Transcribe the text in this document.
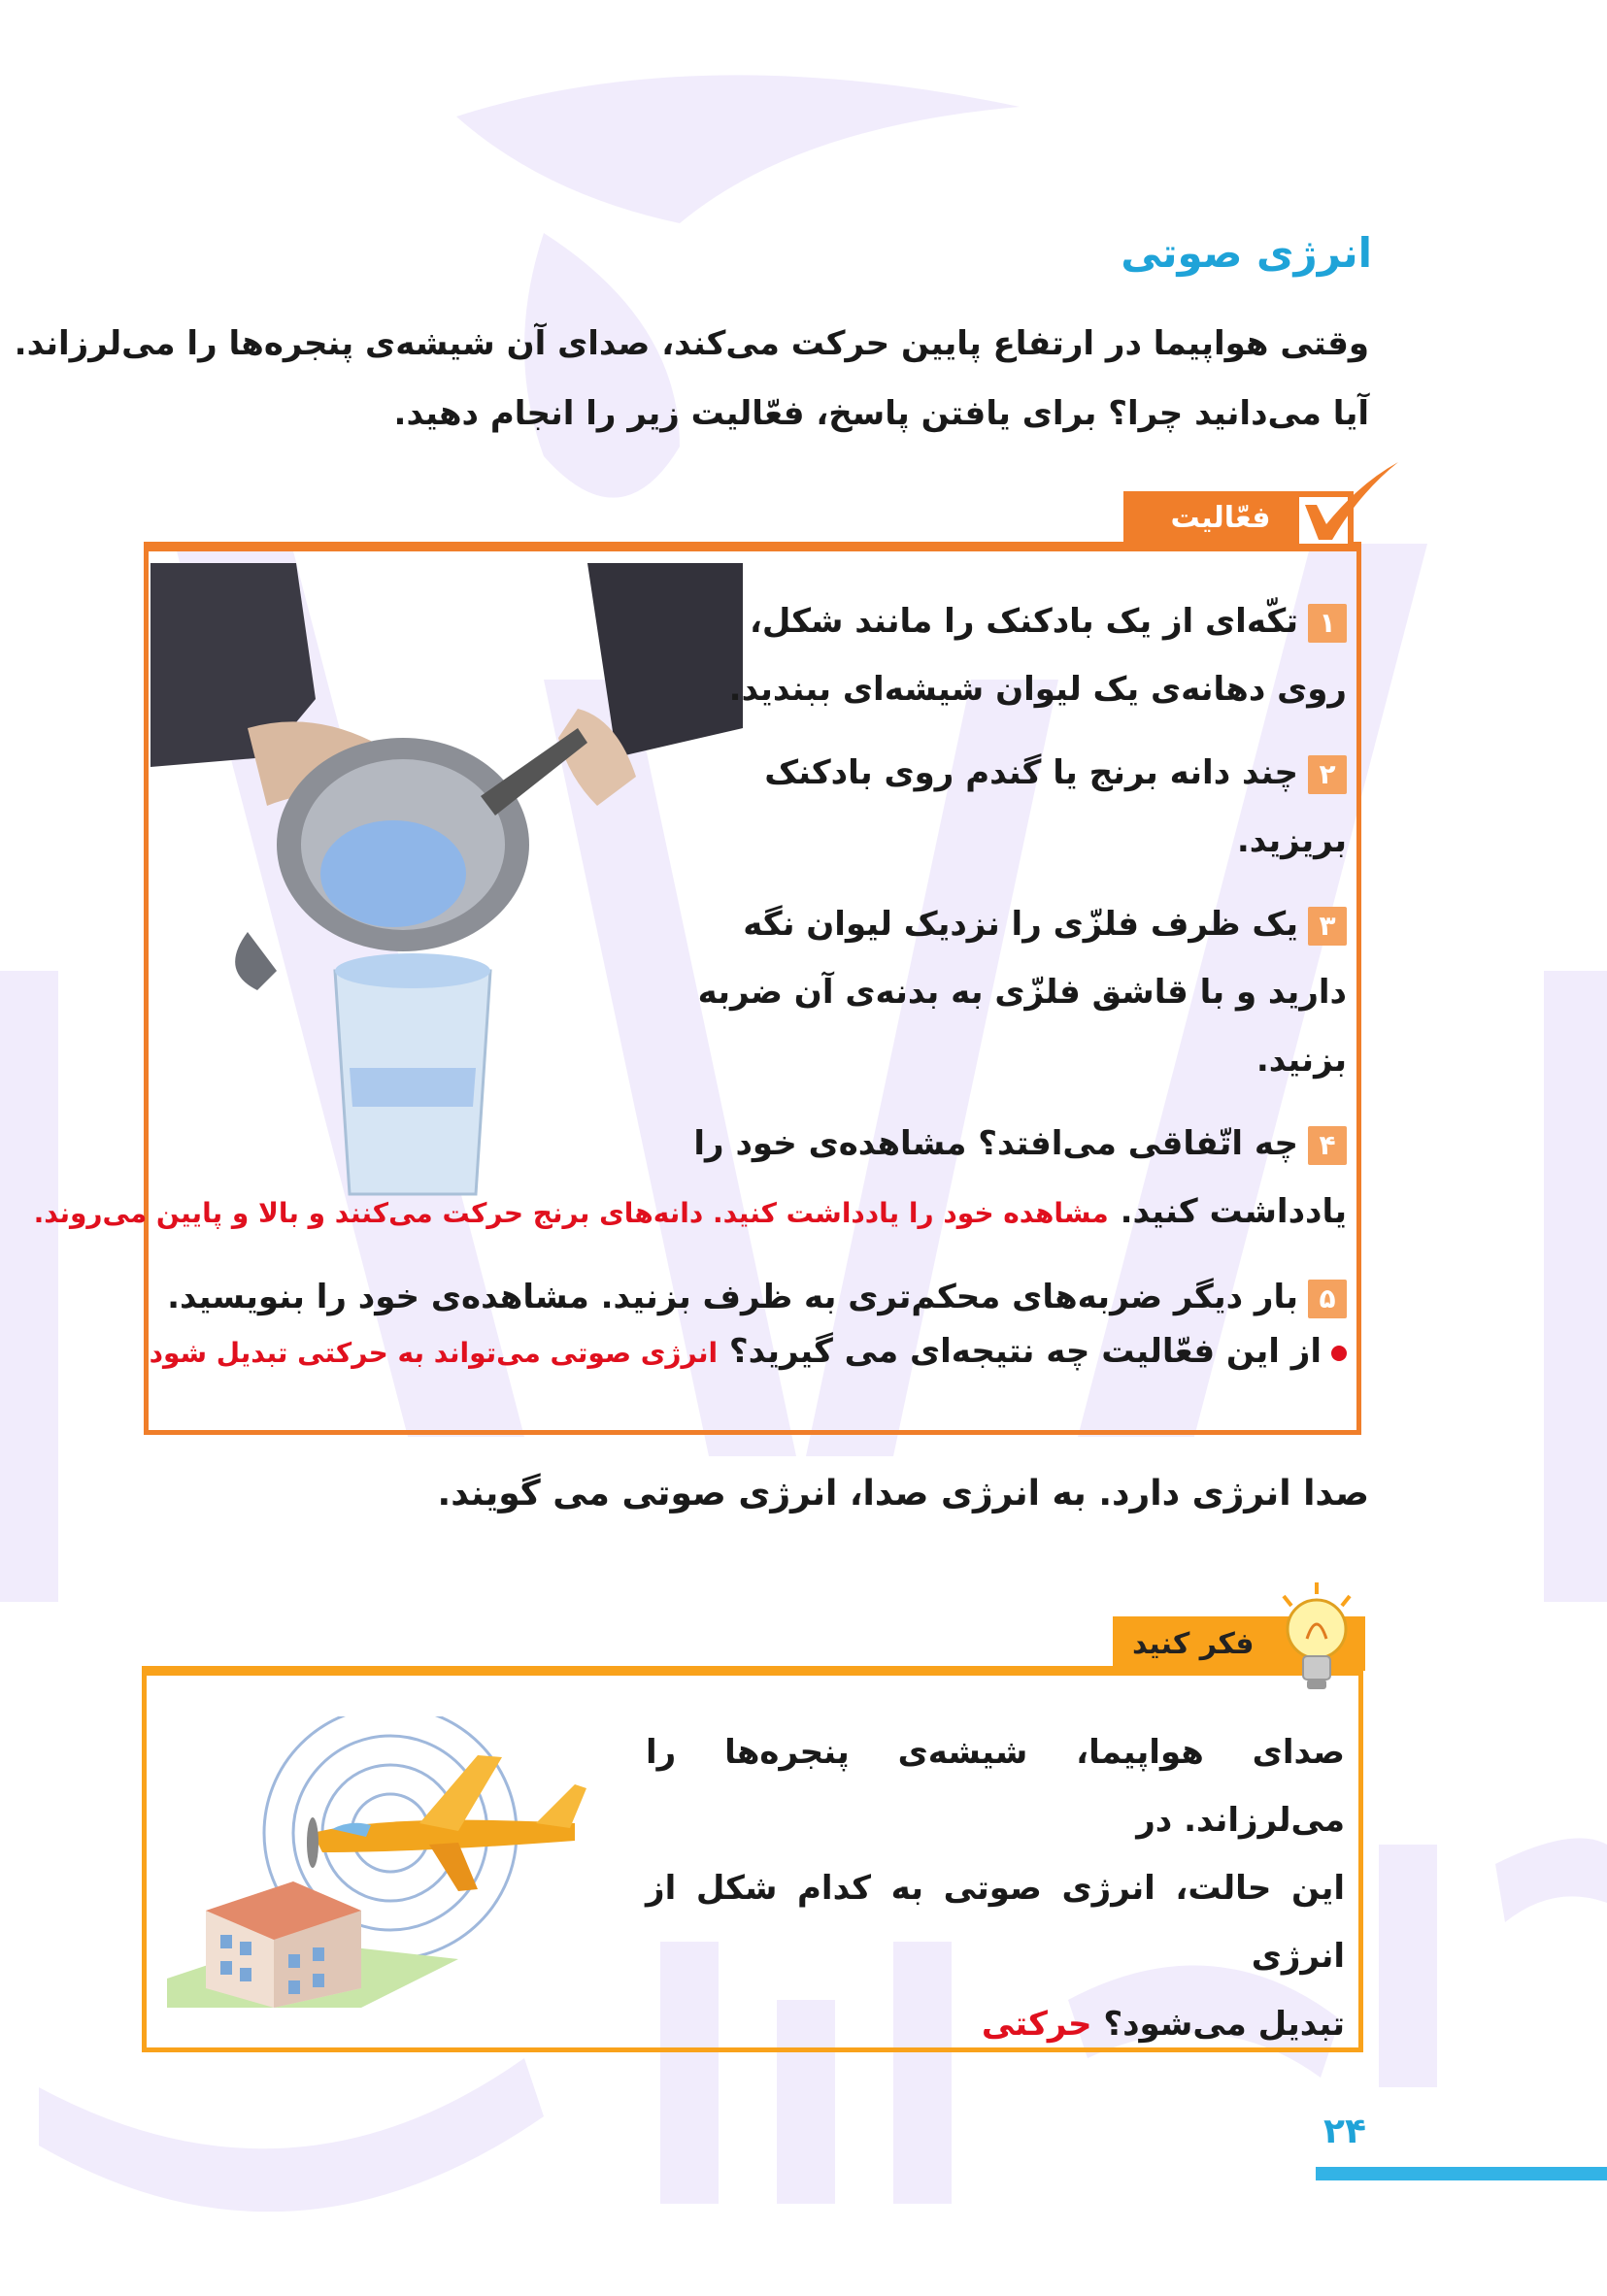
انرژی صوتی
وقتی هواپیما در ارتفاع پایین حرکت می‌کند، صدای آن شیشه‌ی پنجره‌ها را می‌لرزاند.
آیا می‌دانید چرا؟ برای یافتن پاسخ، فعّالیت زیر را انجام دهید.
فعّالیت
۱تکّه‌ای از یک بادکنک را مانند شکل،
روی دهانه‌ی یک لیوان شیشه‌ای ببندید.
۲چند دانه برنج یا گندم روی بادکنک
بریزید.
۳یک ظرف فلزّی را نزدیک لیوان نگه
دارید و با قاشق فلزّی به بدنه‌ی آن ضربه
بزنید.
۴چه اتّفاقی می‌افتد؟ مشاهده‌ی خود را
یادداشت کنید. مشاهده خود را یادداشت کنید. دانه‌های برنج حرکت می‌کنند و بالا و پایین می‌روند.
۵بار دیگر ضربه‌های محکم‌تری به ظرف بزنید. مشاهده‌ی خود را بنویسید.
از این فعّالیت چه نتیجه‌ای می گیرید؟ انرژی صوتی می‌تواند به حرکتی تبدیل شود
صدا انرژی دارد. به انرژی صدا، انرژی صوتی می گویند.
فکر کنید
صدای هواپیما، شیشه‌ی پنجره‌ها را می‌لرزاند. در
این حالت، انرژی صوتی به کدام شکل از انرژی
تبدیل می‌شود؟ حرکتی
۲۴
